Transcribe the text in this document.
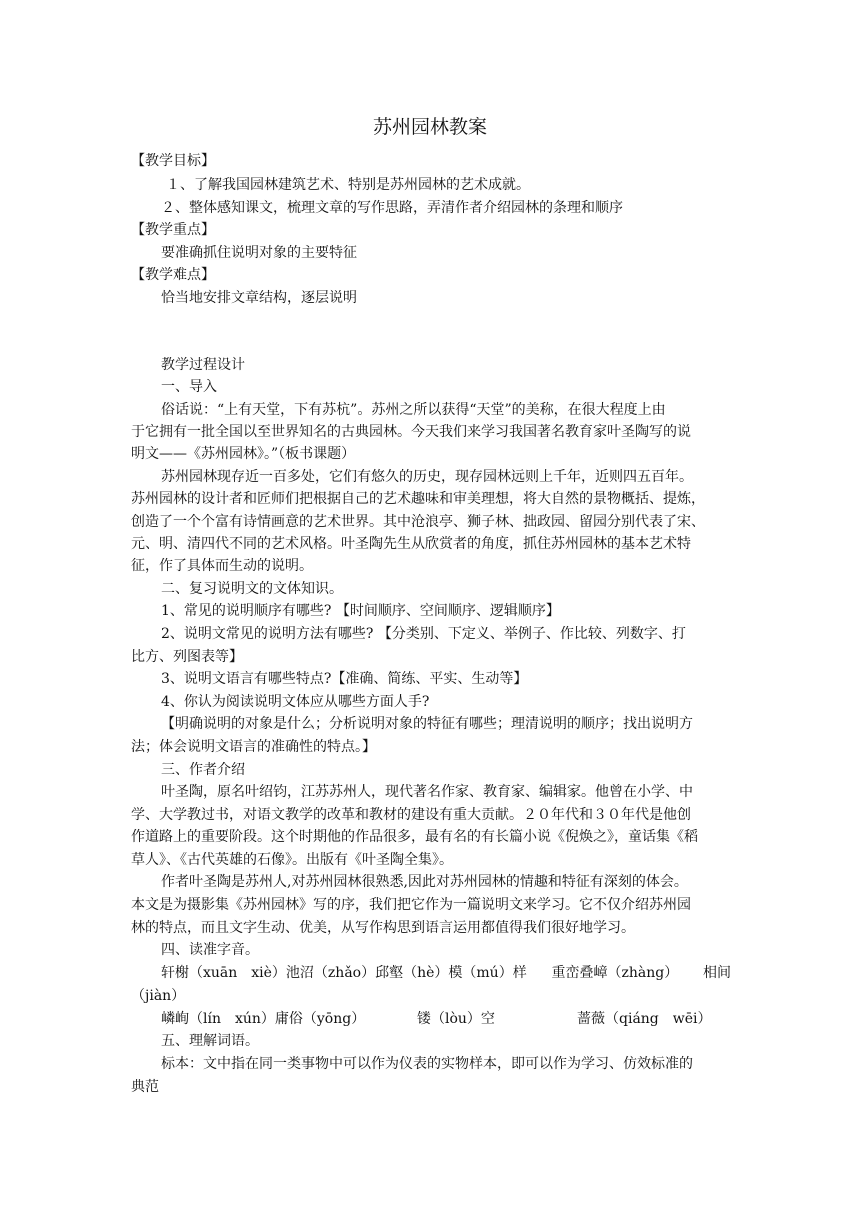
苏州园林教案
【教学目标】
１、了解我国园林建筑艺术、特别是苏州园林的艺术成就。
２、整体感知课文，梳理文章的写作思路，弄清作者介绍园林的条理和顺序
【教学重点】
要准确抓住说明对象的主要特征
【教学难点】
恰当地安排文章结构，逐层说明
教学过程设计
一、导入
俗话说：“上有天堂，下有苏杭”。苏州之所以获得“天堂”的美称，在很大程度上由
于它拥有一批全国以至世界知名的古典园林。今天我们来学习我国著名教育家叶圣陶写的说
明文——《苏州园林》。”（板书课题）
苏州园林现存近一百多处，它们有悠久的历史，现存园林远则上千年，近则四五百年。
苏州园林的设计者和匠师们把根据自己的艺术趣味和审美理想，将大自然的景物概括、提炼，
创造了一个个富有诗情画意的艺术世界。其中沧浪亭、狮子林、拙政园、留园分别代表了宋、
元、明、清四代不同的艺术风格。叶圣陶先生从欣赏者的角度，抓住苏州园林的基本艺术特
征，作了具体而生动的说明。
二、复习说明文的文体知识。
1、常见的说明顺序有哪些? 【时间顺序、空间顺序、逻辑顺序】
2、说明文常见的说明方法有哪些? 【分类别、下定义、举例子、作比较、列数字、打
比方、列图表等】
3、说明文语言有哪些特点?【准确、简练、平实、生动等】
4、你认为阅读说明文体应从哪些方面人手?
【明确说明的对象是什么；分析说明对象的特征有哪些；理清说明的顺序；找出说明方
法；体会说明文语言的准确性的特点。】
三、作者介绍
叶圣陶，原名叶绍钧，江苏苏州人，现代著名作家、教育家、编辑家。他曾在小学、中
学、大学教过书，对语文教学的改革和教材的建设有重大贡献。２０年代和３０年代是他创
作道路上的重要阶段。这个时期他的作品很多，最有名的有长篇小说《倪焕之》，童话集《稻
草人》、《古代英雄的石像》。出版有《叶圣陶全集》。
作者叶圣陶是苏州人,对苏州园林很熟悉,因此对苏州园林的情趣和特征有深刻的体会。
本文是为摄影集《苏州园林》写的序，我们把它作为一篇说明文来学习。它不仅介绍苏州园
林的特点，而且文字生动、优美，从写作构思到语言运用都值得我们很好地学习。
四、读准字音。
轩榭（xuān　xiè）池沼（zhǎo）邱壑（hè）模（mú）样 重峦叠嶂（zhàng） 相间
（jiàn）
嶙峋（lín　xún）庸俗（yōng）	镂（lòu）空	蔷薇（qiáng　wēi）
五、理解词语。
标本：文中指在同一类事物中可以作为仪表的实物样本，即可以作为学习、仿效标准的
典范
